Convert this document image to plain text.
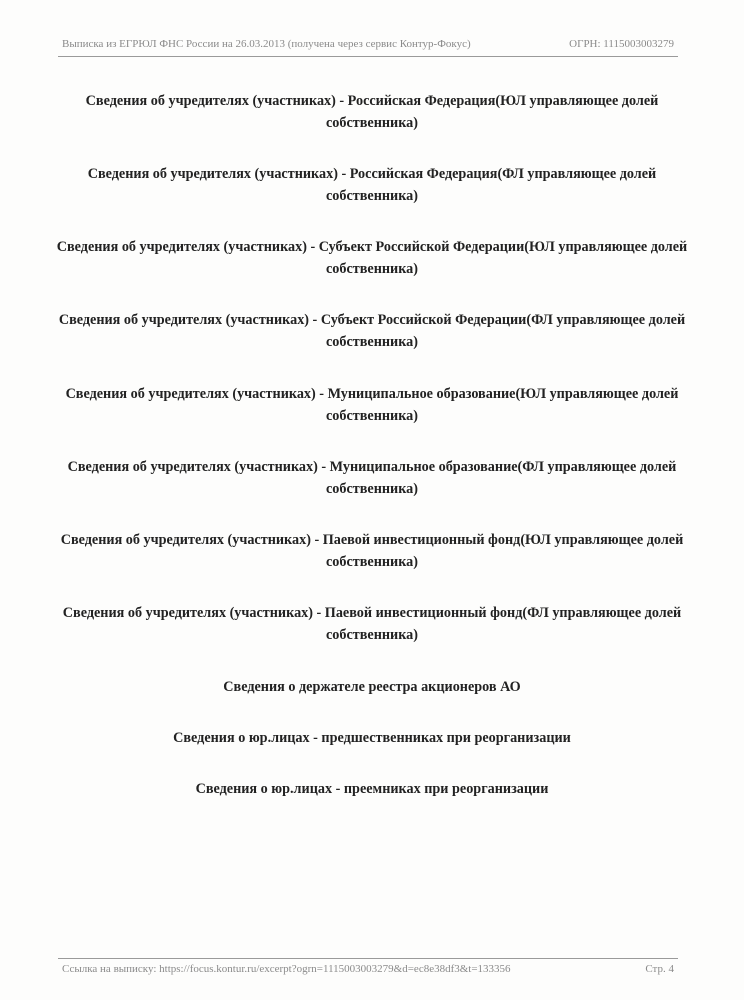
Выписка из ЕГРЮЛ ФНС России на 26.03.2013 (получена через сервис Контур-Фокус)	ОГРН: 1115003003279
Сведения об учредителях (участниках) - Российская Федерация(ЮЛ управляющее долей
собственника)
Сведения об учредителях (участниках) - Российская Федерация(ФЛ управляющее долей
собственника)
Сведения об учредителях (участниках) - Субъект Российской Федерации(ЮЛ управляющее долей
собственника)
Сведения об учредителях (участниках) - Субъект Российской Федерации(ФЛ управляющее долей
собственника)
Сведения об учредителях (участниках) - Муниципальное образование(ЮЛ управляющее долей
собственника)
Сведения об учредителях (участниках) - Муниципальное образование(ФЛ управляющее долей
собственника)
Сведения об учредителях (участниках) - Паевой инвестиционный фонд(ЮЛ управляющее долей
собственника)
Сведения об учредителях (участниках) - Паевой инвестиционный фонд(ФЛ управляющее долей
собственника)
Сведения о держателе реестра акционеров АО
Сведения о юр.лицах - предшественниках при реорганизации
Сведения о юр.лицах - преемниках при реорганизации
Ссылка на выписку: https://focus.kontur.ru/excerpt?ogrn=1115003003279&d=ec8e38df3&t=133356	Стр. 4
